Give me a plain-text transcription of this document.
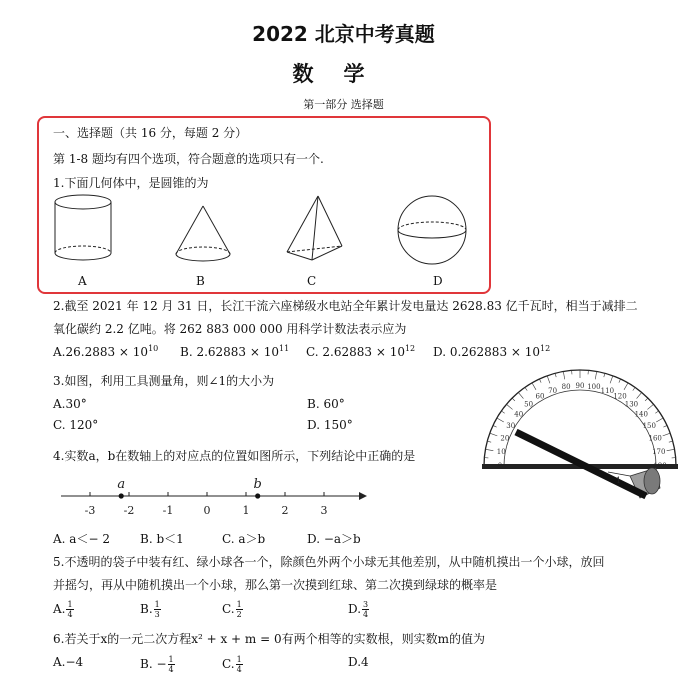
2022 北京中考真题
数学
第一部分 选择题
一、选择题（共 16 分，每题 2 分）
第 1-8 题均有四个选项，符合题意的选项只有一个.
1.下面几何体中，是圆锥的为
A	B	C	D
2.截至 2021 年 12 月 31 日，长江干流六座梯级水电站全年累计发电量达 2628.83 亿千瓦时，相当于减排二
氧化碳约 2.2 亿吨。将 262 883 000 000 用科学计数法表示应为
$A.26.2883 \times 10^{10}$ B. $2.62883 \times 10^{11}$ C. $2.62883 \times 10^{12}$ D. $0.262883 \times 10^{12}$
3.如图，利用工具测量角，则∠1的大小为
A.30°	B. 60°
C. 120°	D. 150°
10
20
30
40
50
60
70 80 90 100 110
120
130
140
150
160
170
1
4.实数a，b在数轴上的对应点的位置如图所示，下列结论中正确的是
-3	-2	-1	0	1	2	3
a	b
A. a＜− 2	B. b＜1	C. a＞b	D. −a＞b
5.不透明的袋子中装有红、绿小球各一个，除颜色外两个小球无其他差别，从中随机摸出一个小球，放回
并摇匀，再从中随机摸出一个小球，那么第一次摸到红球、第二次摸到绿球的概率是
A. $\frac{1}{4}$	B. $\frac{1}{3}$	C. $\frac{1}{2}$	D. $\frac{3}{4}$
6.若关于x的一元二次方程x² + x + m = 0有两个相等的实数根，则实数m的值为
A.−4	B. − $\frac{1}{4}$	C. $\frac{1}{4}$	D.4
